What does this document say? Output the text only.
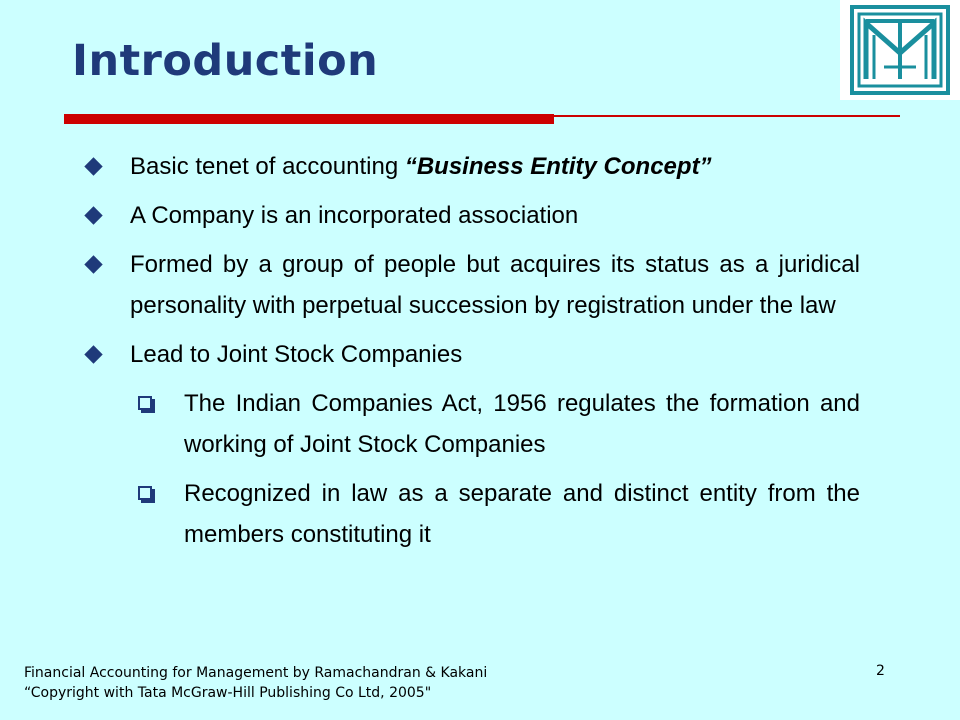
Introduction
Basic tenet of accounting “Business Entity Concept”
A Company is an incorporated association
Formed by a group of people but acquires its status as a juridical personality with perpetual succession by registration under the law
Lead to Joint Stock Companies
The Indian Companies Act, 1956 regulates the formation and working of Joint Stock Companies
Recognized in law as a separate and distinct entity from the members constituting it
Financial Accounting for Management by Ramachandran & Kakani
“Copyright with Tata McGraw-Hill Publishing Co Ltd, 2005"
2
